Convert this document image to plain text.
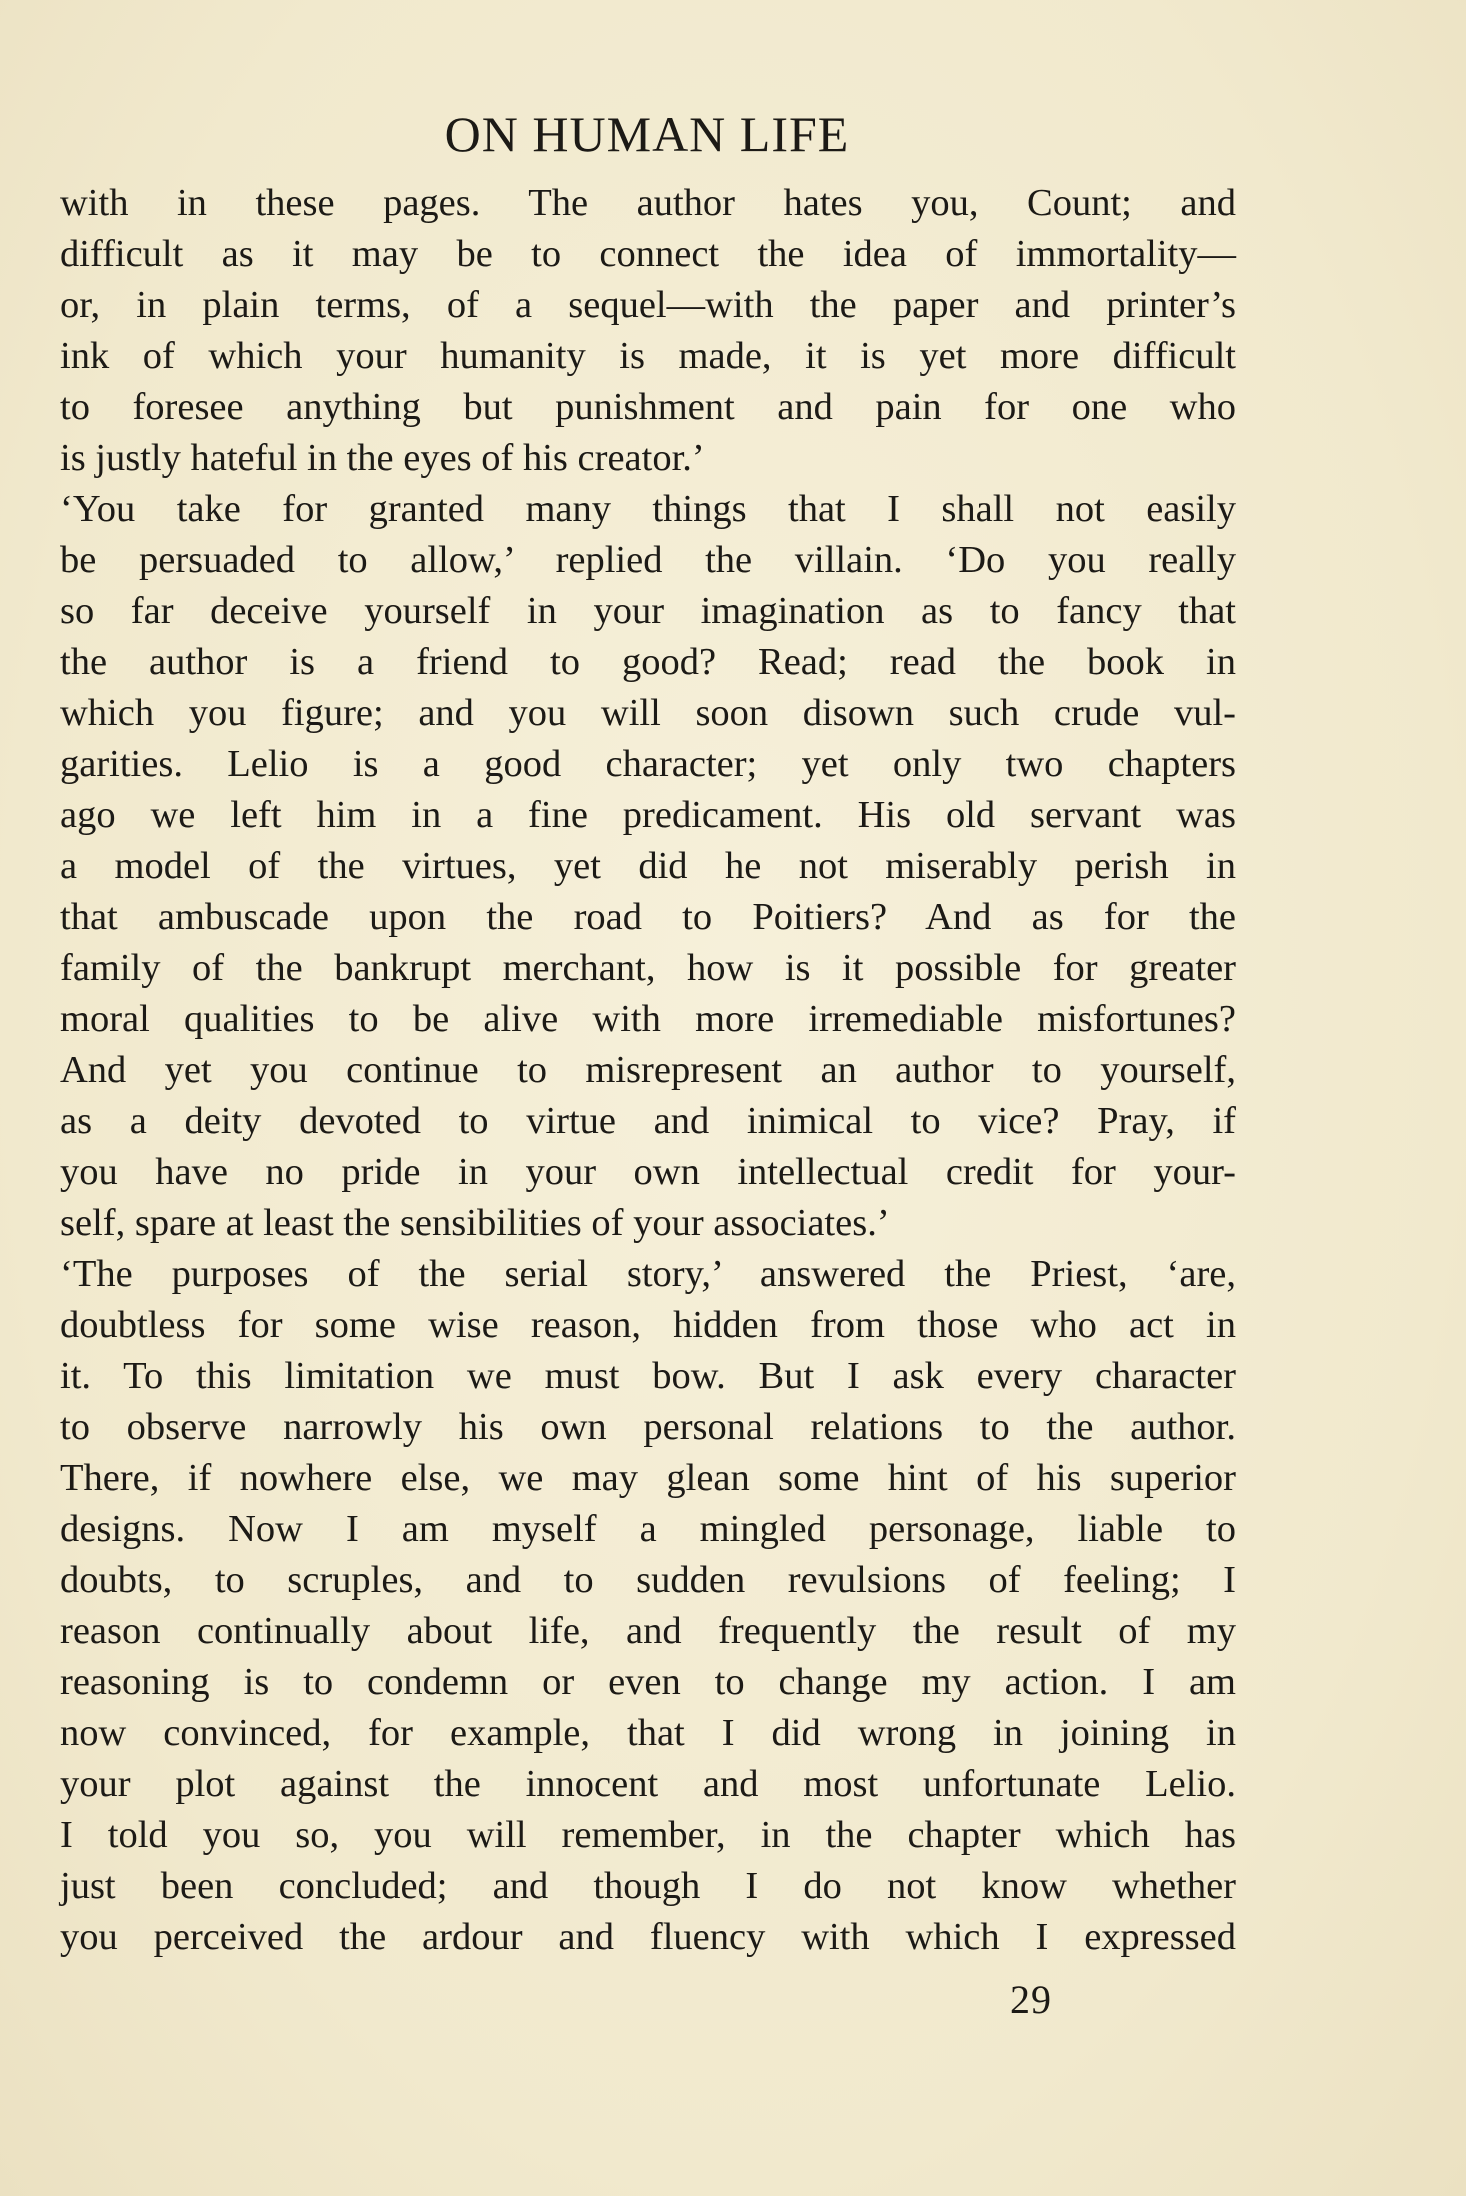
ON HUMAN LIFE
with in these pages. The author hates you, Count; and
difficult as it may be to connect the idea of immortality—
or, in plain terms, of a sequel—with the paper and printer’s
ink of which your humanity is made, it is yet more difficult
to foresee anything but punishment and pain for one who
is justly hateful in the eyes of his creator.’
‘You take for granted many things that I shall not easily
be persuaded to allow,’ replied the villain. ‘Do you really
so far deceive yourself in your imagination as to fancy that
the author is a friend to good? Read; read the book in
which you figure; and you will soon disown such crude vul-
garities. Lelio is a good character; yet only two chapters
ago we left him in a fine predicament. His old servant was
a model of the virtues, yet did he not miserably perish in
that ambuscade upon the road to Poitiers? And as for the
family of the bankrupt merchant, how is it possible for greater
moral qualities to be alive with more irremediable misfortunes?
And yet you continue to misrepresent an author to yourself,
as a deity devoted to virtue and inimical to vice? Pray, if
you have no pride in your own intellectual credit for your-
self, spare at least the sensibilities of your associates.’
‘The purposes of the serial story,’ answered the Priest, ‘are,
doubtless for some wise reason, hidden from those who act in
it. To this limitation we must bow. But I ask every character
to observe narrowly his own personal relations to the author.
There, if nowhere else, we may glean some hint of his superior
designs. Now I am myself a mingled personage, liable to
doubts, to scruples, and to sudden revulsions of feeling; I
reason continually about life, and frequently the result of my
reasoning is to condemn or even to change my action. I am
now convinced, for example, that I did wrong in joining in
your plot against the innocent and most unfortunate Lelio.
I told you so, you will remember, in the chapter which has
just been concluded; and though I do not know whether
you perceived the ardour and fluency with which I expressed
29
